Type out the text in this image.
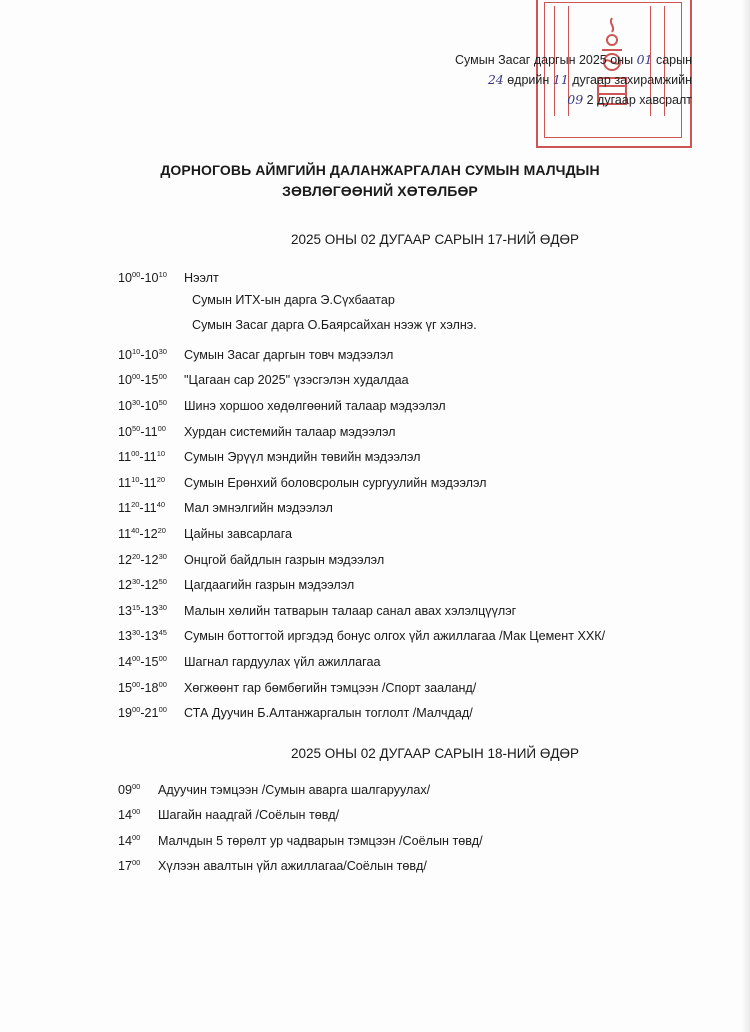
Сумын Засаг даргын 2025 оны 01 сарын
24 өдрийн 11 дугаар захирамжийн
09 2 дугаар хавсралт
ДОРНОГОВЬ АЙМГИЙН ДАЛАНЖАРГАЛАН СУМЫН МАЛЧДЫН
ЗӨВЛӨГӨӨНИЙ ХӨТӨЛБӨР
2025 ОНЫ 02 ДУГААР САРЫН 17-НИЙ ӨДӨР
$10^{00}-10^{10}$ Нээлт
Сумын ИТХ-ын дарга Э.Сүхбаатар
Сумын Засаг дарга О.Баярсайхан нээж үг хэлнэ.
$10^{10}-10^{30}$ Сумын Засаг даргын товч мэдээлэл
$10^{00}-15^{00}$ "Цагаан сар 2025" үзэсгэлэн худалдаа
$10^{30}-10^{50}$ Шинэ хоршоо хөдөлгөөний талаар мэдээлэл
$10^{50}-11^{00}$ Хурдан системийн талаар мэдээлэл
$11^{00}-11^{10}$ Сумын Эрүүл мэндийн төвийн мэдээлэл
$11^{10}-11^{20}$ Сумын Ерөнхий боловсролын сургуулийн мэдээлэл
$11^{20}-11^{40}$ Мал эмнэлгийн мэдээлэл
$11^{40}-12^{20}$ Цайны завсарлага
$12^{20}-12^{30}$ Онцгой байдлын газрын мэдээлэл
$12^{30}-12^{50}$ Цагдаагийн газрын мэдээлэл
$13^{15}-13^{30}$ Малын хөлийн татварын талаар санал авах хэлэлцүүлэг
$13^{30}-13^{45}$ Сумын боттогтой иргэдэд бонус олгох үйл ажиллагаа /Мак Цемент ХХК/
$14^{00}-15^{00}$ Шагнал гардуулах үйл ажиллагаа
$15^{00}-18^{00}$ Хөгжөөнт гар бөмбөгийн тэмцээн /Спорт зааланд/
$19^{00}-21^{00}$ СТА Дуучин Б.Алтанжаргалын тоглолт /Малчдад/
2025 ОНЫ 02 ДУГААР САРЫН 18-НИЙ ӨДӨР
$09^{00}$ Адуучин тэмцээн /Сумын аварга шалгаруулах/
$14^{00}$ Шагайн наадгай /Соёлын төвд/
$14^{00}$ Малчдын 5 төрөлт ур чадварын тэмцээн /Соёлын төвд/
$17^{00}$ Хүлээн авалтын үйл ажиллагаа/Соёлын төвд/
